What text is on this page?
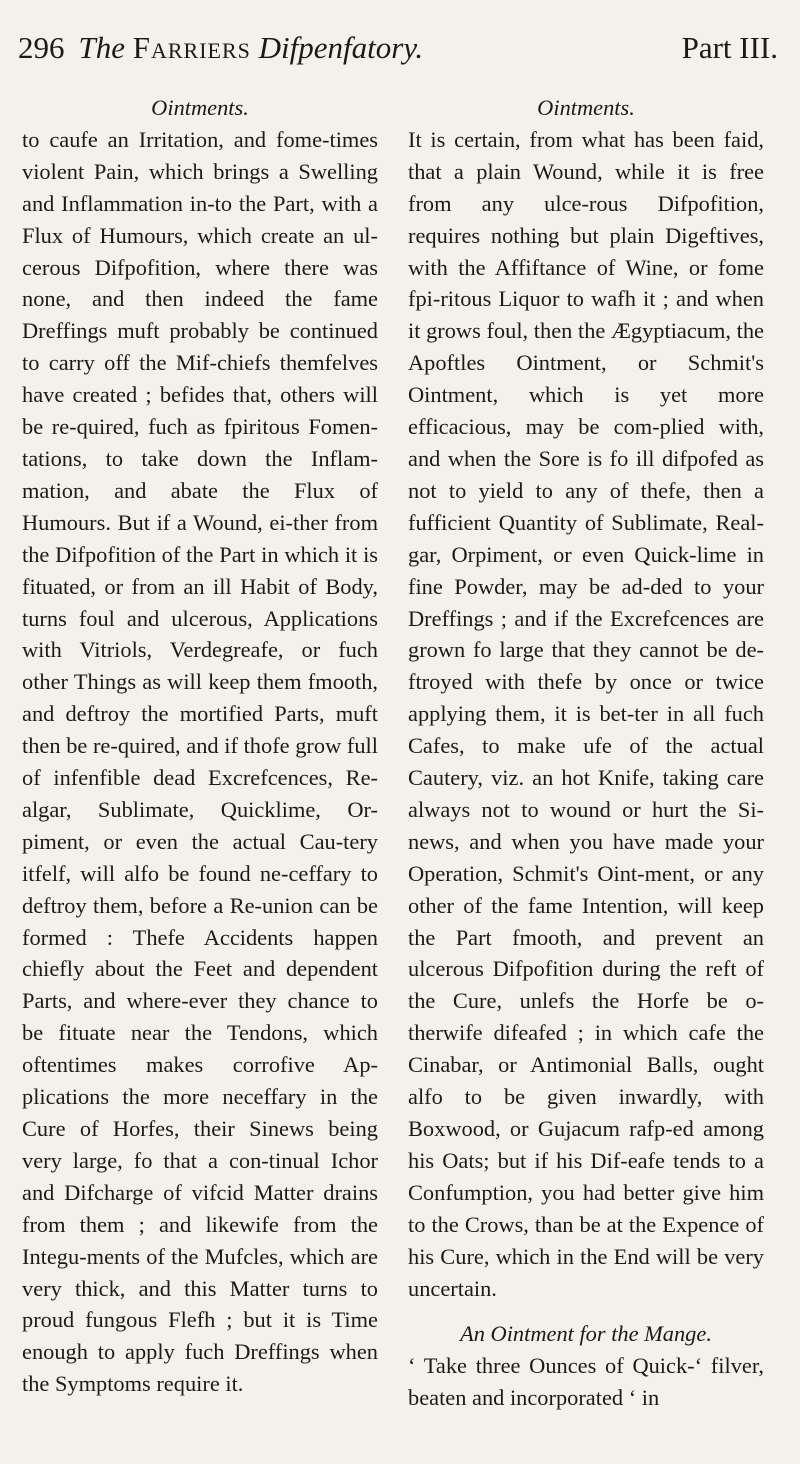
296 The Farriers Difpenfatory.	Part III.
Ointments.

to caufe an Irritation, and fome-times violent Pain, which brings a Swelling and Inflammation in-to the Part, with a Flux of Humours, which create an ul-cerous Difpofition, where there was none, and then indeed the fame Dreffings muft probably be continued to carry off the Mif-chiefs themfelves have created ; befides that, others will be re-quired, fuch as fpiritous Fomen-tations, to take down the Inflam-mation, and abate the Flux of Humours. But if a Wound, ei-ther from the Difpofition of the Part in which it is fituated, or from an ill Habit of Body, turns foul and ulcerous, Applications with Vitriols, Verdegreafe, or fuch other Things as will keep them fmooth, and deftroy the mortified Parts, muft then be re-quired, and if thofe grow full of infenfible dead Excrefcences, Re-algar, Sublimate, Quicklime, Or-piment, or even the actual Cau-tery itfelf, will alfo be found ne-ceffary to deftroy them, before a Re-union can be formed : Thefe Accidents happen chiefly about the Feet and dependent Parts, and where-ever they chance to be fituate near the Tendons, which oftentimes makes corrofive Ap-plications the more neceffary in the Cure of Horfes, their Sinews being very large, fo that a con-tinual Ichor and Difcharge of vifcid Matter drains from them ; and likewife from the Integu-ments of the Mufcles, which are very thick, and this Matter turns to proud fungous Flefh ; but it is Time enough to apply fuch Dreffings when the Symptoms require it.

Ointments.

It is certain, from what has been faid, that a plain Wound, while it is free from any ulce-rous Difpofition, requires nothing but plain Digeftives, with the Affiftance of Wine, or fome fpi-ritous Liquor to wafh it ; and when it grows foul, then the Ægyptiacum, the Apoftles Ointment, or Schmit's Ointment, which is yet more efficacious, may be com-plied with, and when the Sore is fo ill difpofed as not to yield to any of thefe, then a fufficient Quantity of Sublimate, Real-gar, Orpiment, or even Quick-lime in fine Powder, may be ad-ded to your Dreffings ; and if the Excrefcences are grown fo large that they cannot be de-ftroyed with thefe by once or twice applying them, it is bet-ter in all fuch Cafes, to make ufe of the actual Cautery, viz. an hot Knife, taking care always not to wound or hurt the Si-news, and when you have made your Operation, Schmit's Oint-ment, or any other of the fame Intention, will keep the Part fmooth, and prevent an ulcerous Difpofition during the reft of the Cure, unlefs the Horfe be o-therwife difeafed ; in which cafe the Cinabar, or Antimonial Balls, ought alfo to be given inwardly, with Boxwood, or Gujacum rafp-ed among his Oats; but if his Dif-eafe tends to a Confumption, you had better give him to the Crows, than be at the Expence of his Cure, which in the End will be very uncertain.

An Ointment for the Mange.

‘ Take three Ounces of Quick-‘ filver, beaten and incorporated ‘ in
